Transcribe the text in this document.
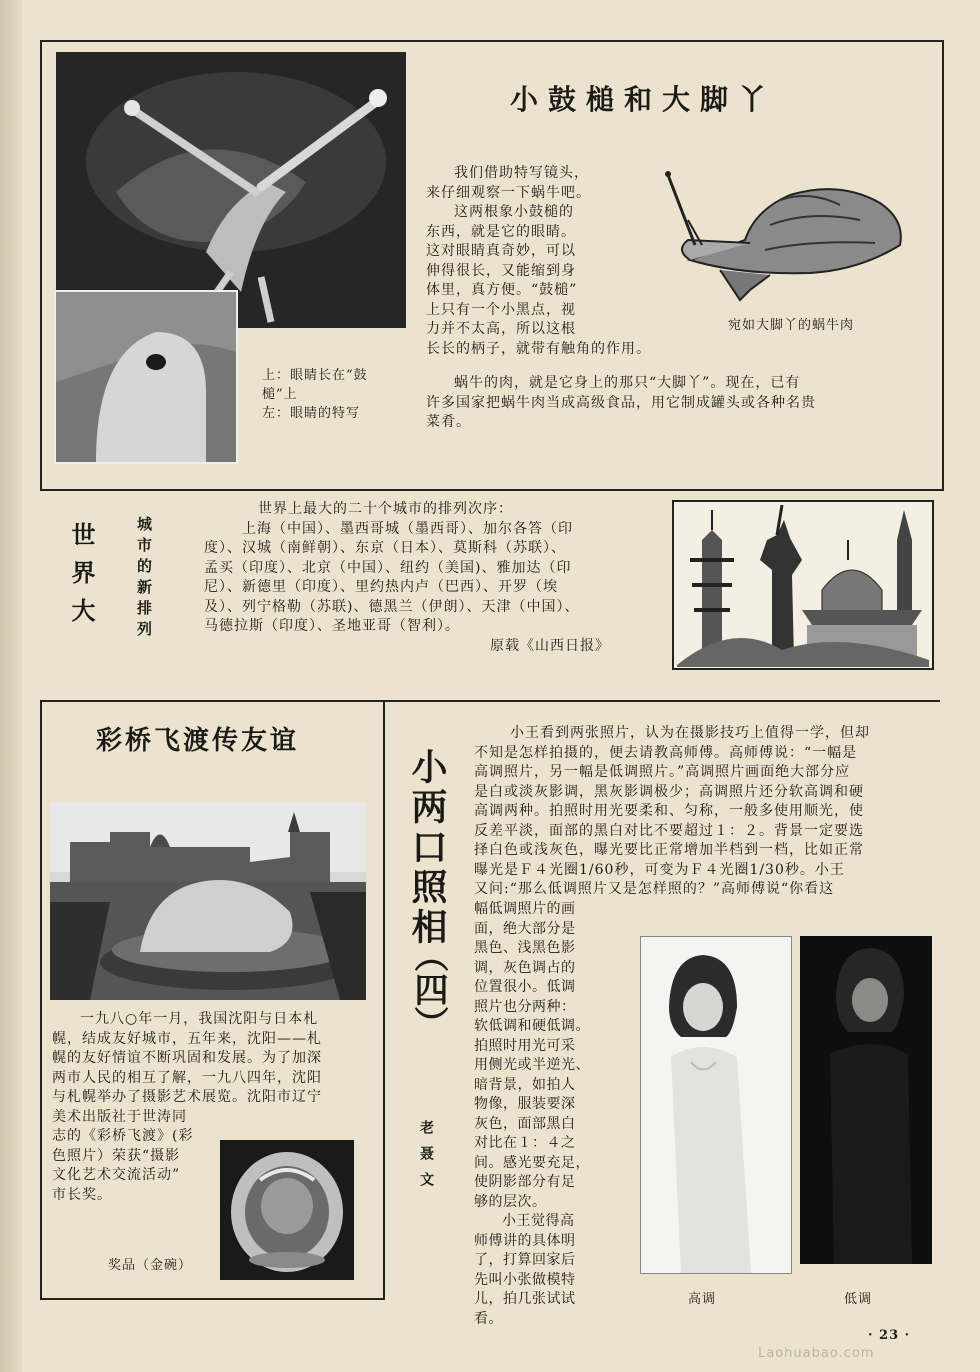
上：眼睛长在“鼓
槌”上
左：眼睛的特写
小鼓槌和大脚丫
我们借助特写镜头，
来仔细观察一下蜗牛吧。
这两根象小鼓槌的
东西，就是它的眼睛。
这对眼睛真奇妙，可以
伸得很长，又能缩到身
体里，真方便。“鼓槌”
上只有一个小黑点，视
力并不太高，所以这根
长长的柄子，就带有触角的作用。
宛如大脚丫的蜗牛肉
蜗牛的肉，就是它身上的那只“大脚丫”。现在，已有
许多国家把蜗牛肉当成高级食品，用它制成罐头或各种名贵
菜肴。
世界大	城市的新排列
世界上最大的二十个城市的排列次序：
上海（中国）、墨西哥城（墨西哥）、加尔各答（印
度）、汉城（南鲜朝）、东京（日本）、莫斯科（苏联）、
孟买（印度）、北京（中国）、纽约（美国)、雅加达（印
尼）、新德里（印度）、里约热内卢（巴西）、开罗（埃
及）、列宁格勒（苏联)、德黑兰（伊朗）、天津（中国）、
马德拉斯（印度）、圣地亚哥（智利）。
原载《山西日报》
彩桥飞渡传友谊
一九八○年一月，我国沈阳与日本札
幌，结成友好城市，五年来，沈阳——札
幌的友好情谊不断巩固和发展。为了加深
两市人民的相互了解，一九八四年，沈阳
与札幌举办了摄影艺术展览。沈阳市辽宁
美术出版社于世涛同
志的《彩桥飞渡》(彩
色照片）荣获“摄影
文化艺术交流活动”
市长奖。
奖品（金碗）
小两口照相
（四）
老聂文
小王看到两张照片，认为在摄影技巧上值得一学，但却
不知是怎样拍摄的，便去请教高师傅。高师傅说：“一幅是
高调照片，另一幅是低调照片。”高调照片画面绝大部分应
是白或淡灰影调，黑灰影调极少；高调照片还分软高调和硬
高调两种。拍照时用光要柔和、匀称，一般多使用顺光，使
反差平淡，面部的黑白对比不要超过１：２。背景一定要选
择白色或浅灰色，曝光要比正常增加半档到一档，比如正常
曝光是Ｆ４光圈1/60秒，可变为Ｆ４光圈1/30秒。小王
又问:“那么低调照片又是怎样照的？”高师傅说“你看这
幅低调照片的画
面，绝大部分是
黑色、浅黑色影
调，灰色调占的
位置很小。低调
照片也分两种：
软低调和硬低调。
拍照时用光可采
用侧光或半逆光、
暗背景，如拍人
物像，服装要深
灰色，面部黑白
对比在１：４之
间。感光要充足，
使阴影部分有足
够的层次。
小王觉得高
师傅讲的具体明
了，打算回家后
先叫小张做模特
儿，拍几张试试
看。
高调	低调
Laohuabao.com
· 23 ·
